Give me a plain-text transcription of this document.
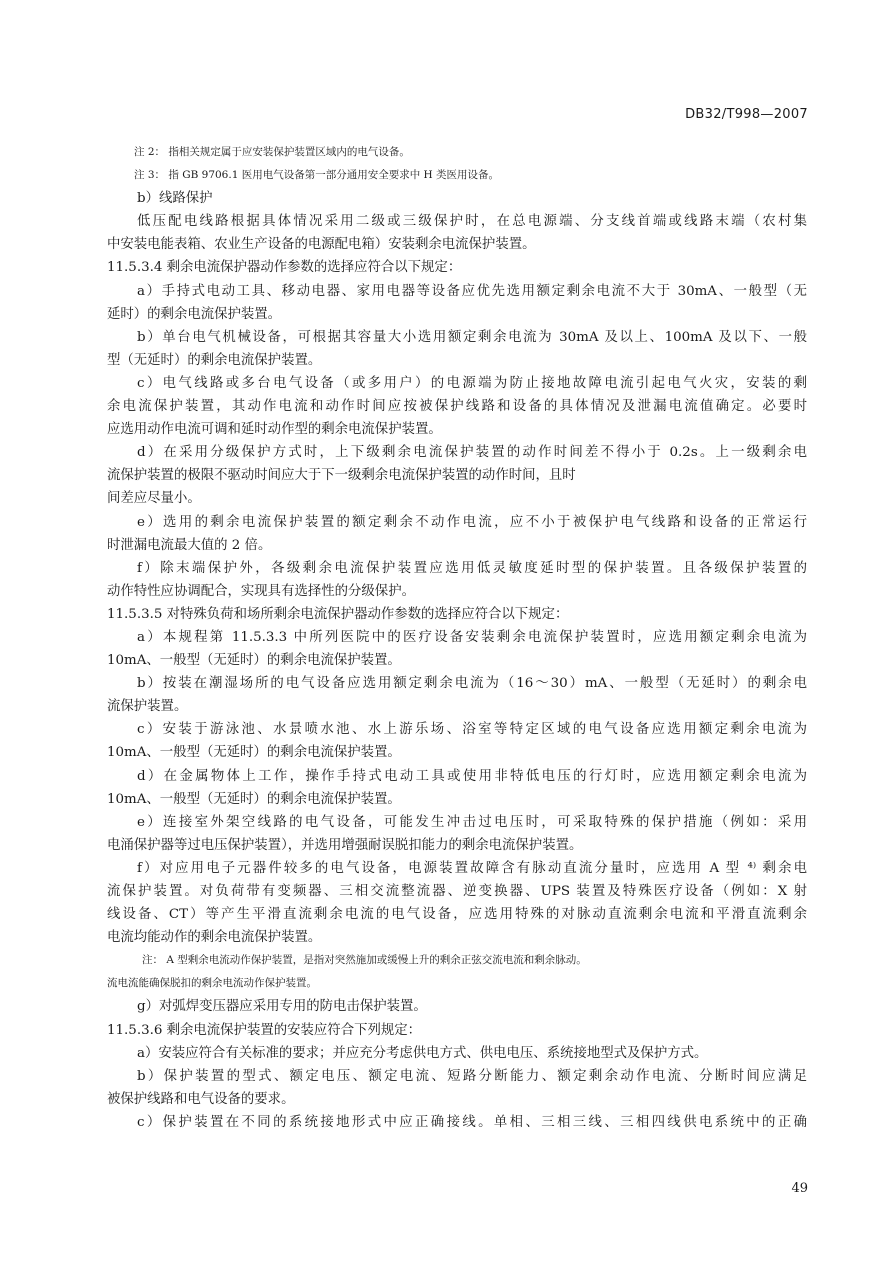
DB32/T998—2007
注 2： 指相关规定属于应安装保护装置区域内的电气设备。
注 3： 指 GB 9706.1 医用电气设备第一部分通用安全要求中 H 类医用设备。
b）线路保护
低压配电线路根据具体情况采用二级或三级保护时，在总电源端、分支线首端或线路末端（农村集
中安装电能表箱、农业生产设备的电源配电箱）安装剩余电流保护装置。
11.5.3.4 剩余电流保护器动作参数的选择应符合以下规定：
a）手持式电动工具、移动电器、家用电器等设备应优先选用额定剩余电流不大于 30mA、一般型（无
延时）的剩余电流保护装置。
b）单台电气机械设备，可根据其容量大小选用额定剩余电流为 30mA 及以上、100mA 及以下、一般
型（无延时）的剩余电流保护装置。
c）电气线路或多台电气设备（或多用户）的电源端为防止接地故障电流引起电气火灾，安装的剩
余电流保护装置，其动作电流和动作时间应按被保护线路和设备的具体情况及泄漏电流值确定。必要时
应选用动作电流可调和延时动作型的剩余电流保护装置。
d）在采用分级保护方式时，上下级剩余电流保护装置的动作时间差不得小于 0.2s。上一级剩余电
流保护装置的极限不驱动时间应大于下一级剩余电流保护装置的动作时间，且时
间差应尽量小。
e）选用的剩余电流保护装置的额定剩余不动作电流，应不小于被保护电气线路和设备的正常运行
时泄漏电流最大值的 2 倍。
f）除末端保护外，各级剩余电流保护装置应选用低灵敏度延时型的保护装置。且各级保护装置的
动作特性应协调配合，实现具有选择性的分级保护。
11.5.3.5 对特殊负荷和场所剩余电流保护器动作参数的选择应符合以下规定：
a）本规程第 11.5.3.3 中所列医院中的医疗设备安装剩余电流保护装置时，应选用额定剩余电流为
10mA、一般型（无延时）的剩余电流保护装置。
b）按装在潮湿场所的电气设备应选用额定剩余电流为（16～30）mA、一般型（无延时）的剩余电
流保护装置。
c）安装于游泳池、水景喷水池、水上游乐场、浴室等特定区域的电气设备应选用额定剩余电流为
10mA、一般型（无延时）的剩余电流保护装置。
d）在金属物体上工作，操作手持式电动工具或使用非特低电压的行灯时，应选用额定剩余电流为
10mA、一般型（无延时）的剩余电流保护装置。
e）连接室外架空线路的电气设备，可能发生冲击过电压时，可采取特殊的保护措施（例如：采用
电涌保护器等过电压保护装置），并选用增强耐误脱扣能力的剩余电流保护装置。
f）对应用电子元器件较多的电气设备，电源装置故障含有脉动直流分量时，应选用 A 型 ⁴⁾ 剩余电
流保护装置。对负荷带有变频器、三相交流整流器、逆变换器、UPS 装置及特殊医疗设备（例如：X 射
线设备、CT）等产生平滑直流剩余电流的电气设备，应选用特殊的对脉动直流剩余电流和平滑直流剩余
电流均能动作的剩余电流保护装置。
注： A 型剩余电流动作保护装置，是指对突然施加或缓慢上升的剩余正弦交流电流和剩余脉动。
流电流能确保脱扣的剩余电流动作保护装置。
g）对弧焊变压器应采用专用的防电击保护装置。
11.5.3.6 剩余电流保护装置的安装应符合下列规定：
a）安装应符合有关标准的要求；并应充分考虑供电方式、供电电压、系统接地型式及保护方式。
b）保护装置的型式、额定电压、额定电流、短路分断能力、额定剩余动作电流、分断时间应满足
被保护线路和电气设备的要求。
c）保护装置在不同的系统接地形式中应正确接线。单相、三相三线、三相四线供电系统中的正确
49
